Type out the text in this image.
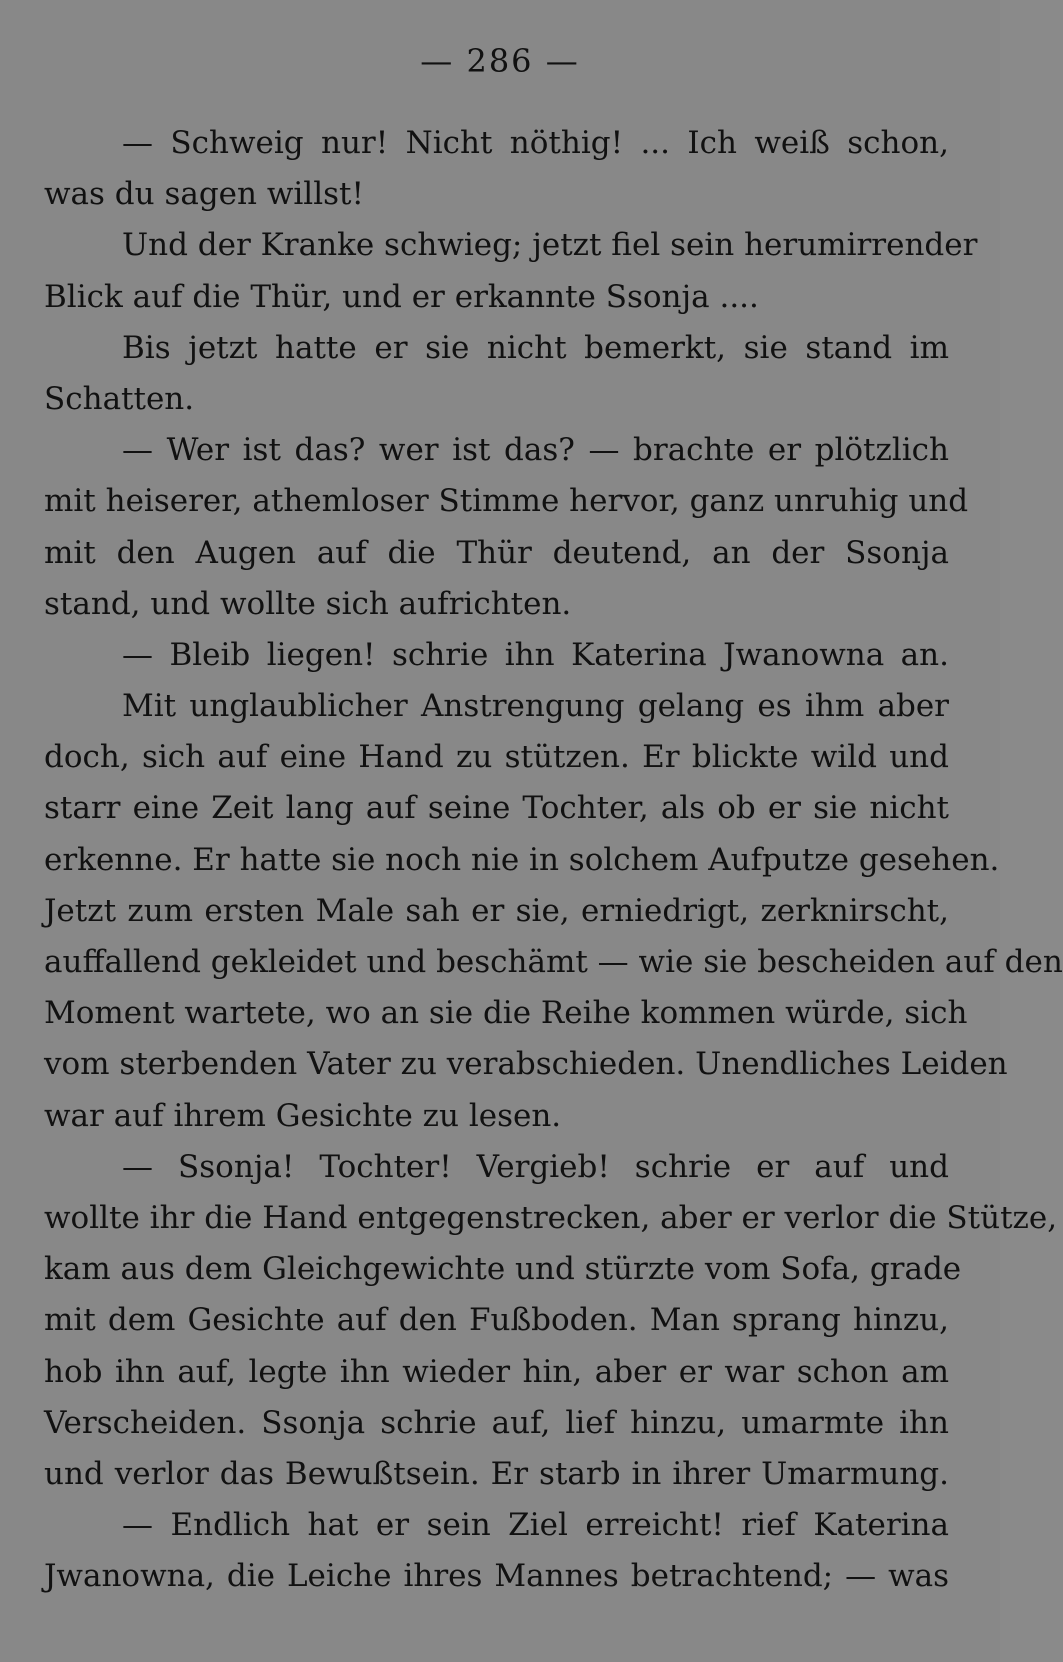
— 286 —
— Schweig nur! Nicht nöthig! ... Ich weiß schon,
was du sagen willst!
Und der Kranke schwieg; jetzt fiel sein herumirrender
Blick auf die Thür, und er erkannte Ssonja ....
Bis jetzt hatte er sie nicht bemerkt, sie stand im
Schatten.
— Wer ist das? wer ist das? — brachte er plötzlich
mit heiserer, athemloser Stimme hervor, ganz unruhig und
mit den Augen auf die Thür deutend, an der Ssonja
stand, und wollte sich aufrichten.
— Bleib liegen! schrie ihn Katerina Jwanowna an.
Mit unglaublicher Anstrengung gelang es ihm aber
doch, sich auf eine Hand zu stützen. Er blickte wild und
starr eine Zeit lang auf seine Tochter, als ob er sie nicht
erkenne. Er hatte sie noch nie in solchem Aufputze gesehen.
Jetzt zum ersten Male sah er sie, erniedrigt, zerknirscht,
auffallend gekleidet und beschämt — wie sie bescheiden auf den
Moment wartete, wo an sie die Reihe kommen würde, sich
vom sterbenden Vater zu verabschieden. Unendliches Leiden
war auf ihrem Gesichte zu lesen.
— Ssonja! Tochter! Vergieb! schrie er auf und
wollte ihr die Hand entgegenstrecken, aber er verlor die Stütze,
kam aus dem Gleichgewichte und stürzte vom Sofa, grade
mit dem Gesichte auf den Fußboden. Man sprang hinzu,
hob ihn auf, legte ihn wieder hin, aber er war schon am
Verscheiden. Ssonja schrie auf, lief hinzu, umarmte ihn
und verlor das Bewußtsein. Er starb in ihrer Umarmung.
— Endlich hat er sein Ziel erreicht! rief Katerina
Jwanowna, die Leiche ihres Mannes betrachtend; — was
